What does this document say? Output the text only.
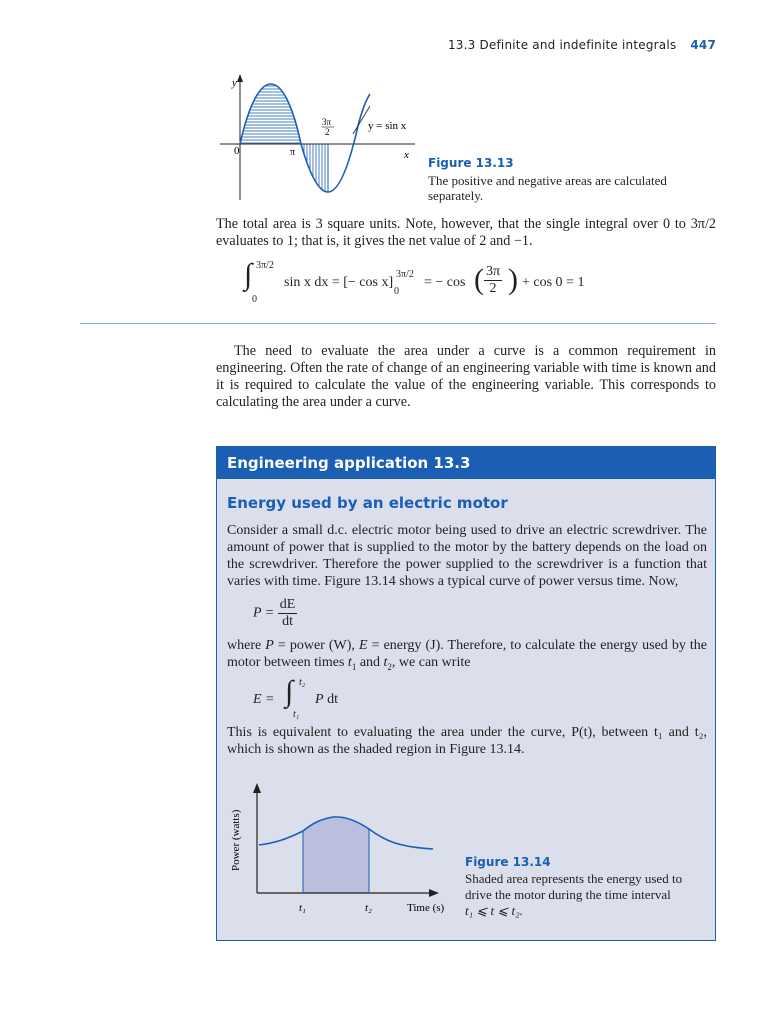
13.3 Definite and indefinite integrals 447
y
x
0	π
3π
2	y = sin x
Figure 13.13
The positive and negative areas are calculated separately.
The total area is 3 square units. Note, however, that the single integral over 0 to 3π/2 evaluates to 1; that is, it gives the net value of 2 and −1.
∫ 3π/2
0
sin x dx = [− cos x]
3π/2
0
= − cos ( $\frac{3\pi}{2}$ ) + cos 0 = 1
The need to evaluate the area under a curve is a common requirement in engineering. Often the rate of change of an engineering variable with time is known and it is required to calculate the value of the engineering variable. This corresponds to calculating the area under a curve.
Engineering application 13.3
Energy used by an electric motor
Consider a small d.c. electric motor being used to drive an electric screwdriver. The amount of power that is supplied to the motor by the battery depends on the load on the screwdriver. Therefore the power supplied to the screwdriver is a function that varies with time. Figure 13.14 shows a typical curve of power versus time. Now,
$P = \frac{dE}{dt}$
where P = power (W), E = energy (J). Therefore, to calculate the energy used by the motor between times $t_1$ and $t_2$, we can write
E = ∫ t₂
t₁
P dt
This is equivalent to evaluating the area under the curve, P(t), between t₁ and t₂, which is shown as the shaded region in Figure 13.14.
Power (watts)
Time (s)
t₁	t₂
Figure 13.14
Shaded area represents the energy used to
drive the motor during the time interval
t₁ ⩽ t ⩽ t₂.
